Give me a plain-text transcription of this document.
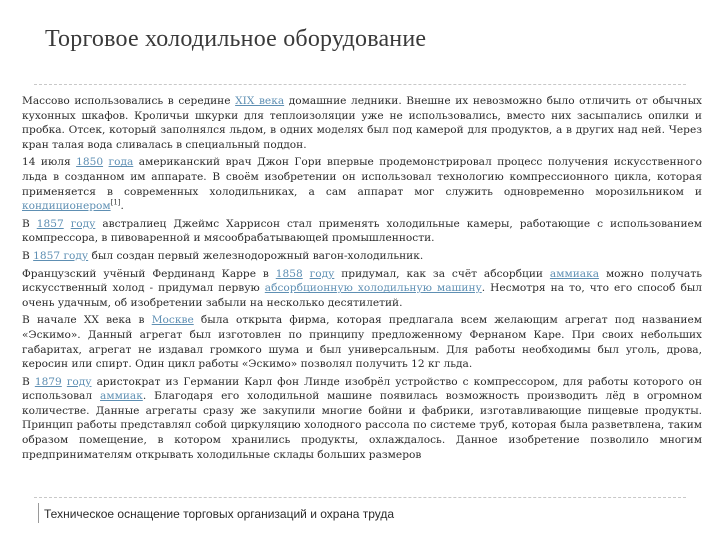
Торговое холодильное оборудование

Массово использовались в середине XIX века домашние ледники. Внешне их невозможно было отличить от обычных кухонных шкафов. Кроличьи шкурки для теплоизоляции уже не использовались, вместо них засыпались опилки и пробка. Отсек, который заполнялся льдом, в одних моделях был под камерой для продуктов, а в других над ней. Через кран талая вода сливалась в специальный поддон.

14 июля 1850 года американский врач Джон Гори впервые продемонстрировал процесс получения искусственного льда в созданном им аппарате. В своём изобретении он использовал технологию компрессионного цикла, которая применяется в современных холодильниках, а сам аппарат мог служить одновременно морозильником и кондиционером[1].

В 1857 году австралиец Джеймс Харрисон стал применять холодильные камеры, работающие с использованием компрессора, в пивоваренной и мясообрабатывающей промышленности.

В 1857 году был создан первый железнодорожный вагон-холодильник.

Французский учёный Фердинанд Карре в 1858 году придумал, как за счёт абсорбции аммиака можно получать искусственный холод - придумал первую абсорбционную холодильную машину. Несмотря на то, что его способ был очень удачным, об изобретении забыли на несколько десятилетий.

В начале XX века в Москве была открыта фирма, которая предлагала всем желающим агрегат под названием «Эскимо». Данный агрегат был изготовлен по принципу предложенному Фернаном Каре. При своих небольших габаритах, агрегат не издавал громкого шума и был универсальным. Для работы необходимы был уголь, дрова, керосин или спирт. Один цикл работы «Эскимо» позволял получить 12 кг льда.

В 1879 году аристократ из Германии Карл фон Линде изобрёл устройство с компрессором, для работы которого он использовал аммиак. Благодаря его холодильной машине появилась возможность производить лёд в огромном количестве. Данные агрегаты сразу же закупили многие бойни и фабрики, изготавливающие пищевые продукты. Принцип работы представлял собой циркуляцию холодного рассола по системе труб, которая была разветвлена, таким образом помещение, в котором хранились продукты, охлаждалось. Данное изобретение позволило многим предпринимателям открывать холодильные склады больших размеров

Техническое оснащение торговых организаций и охрана труда
